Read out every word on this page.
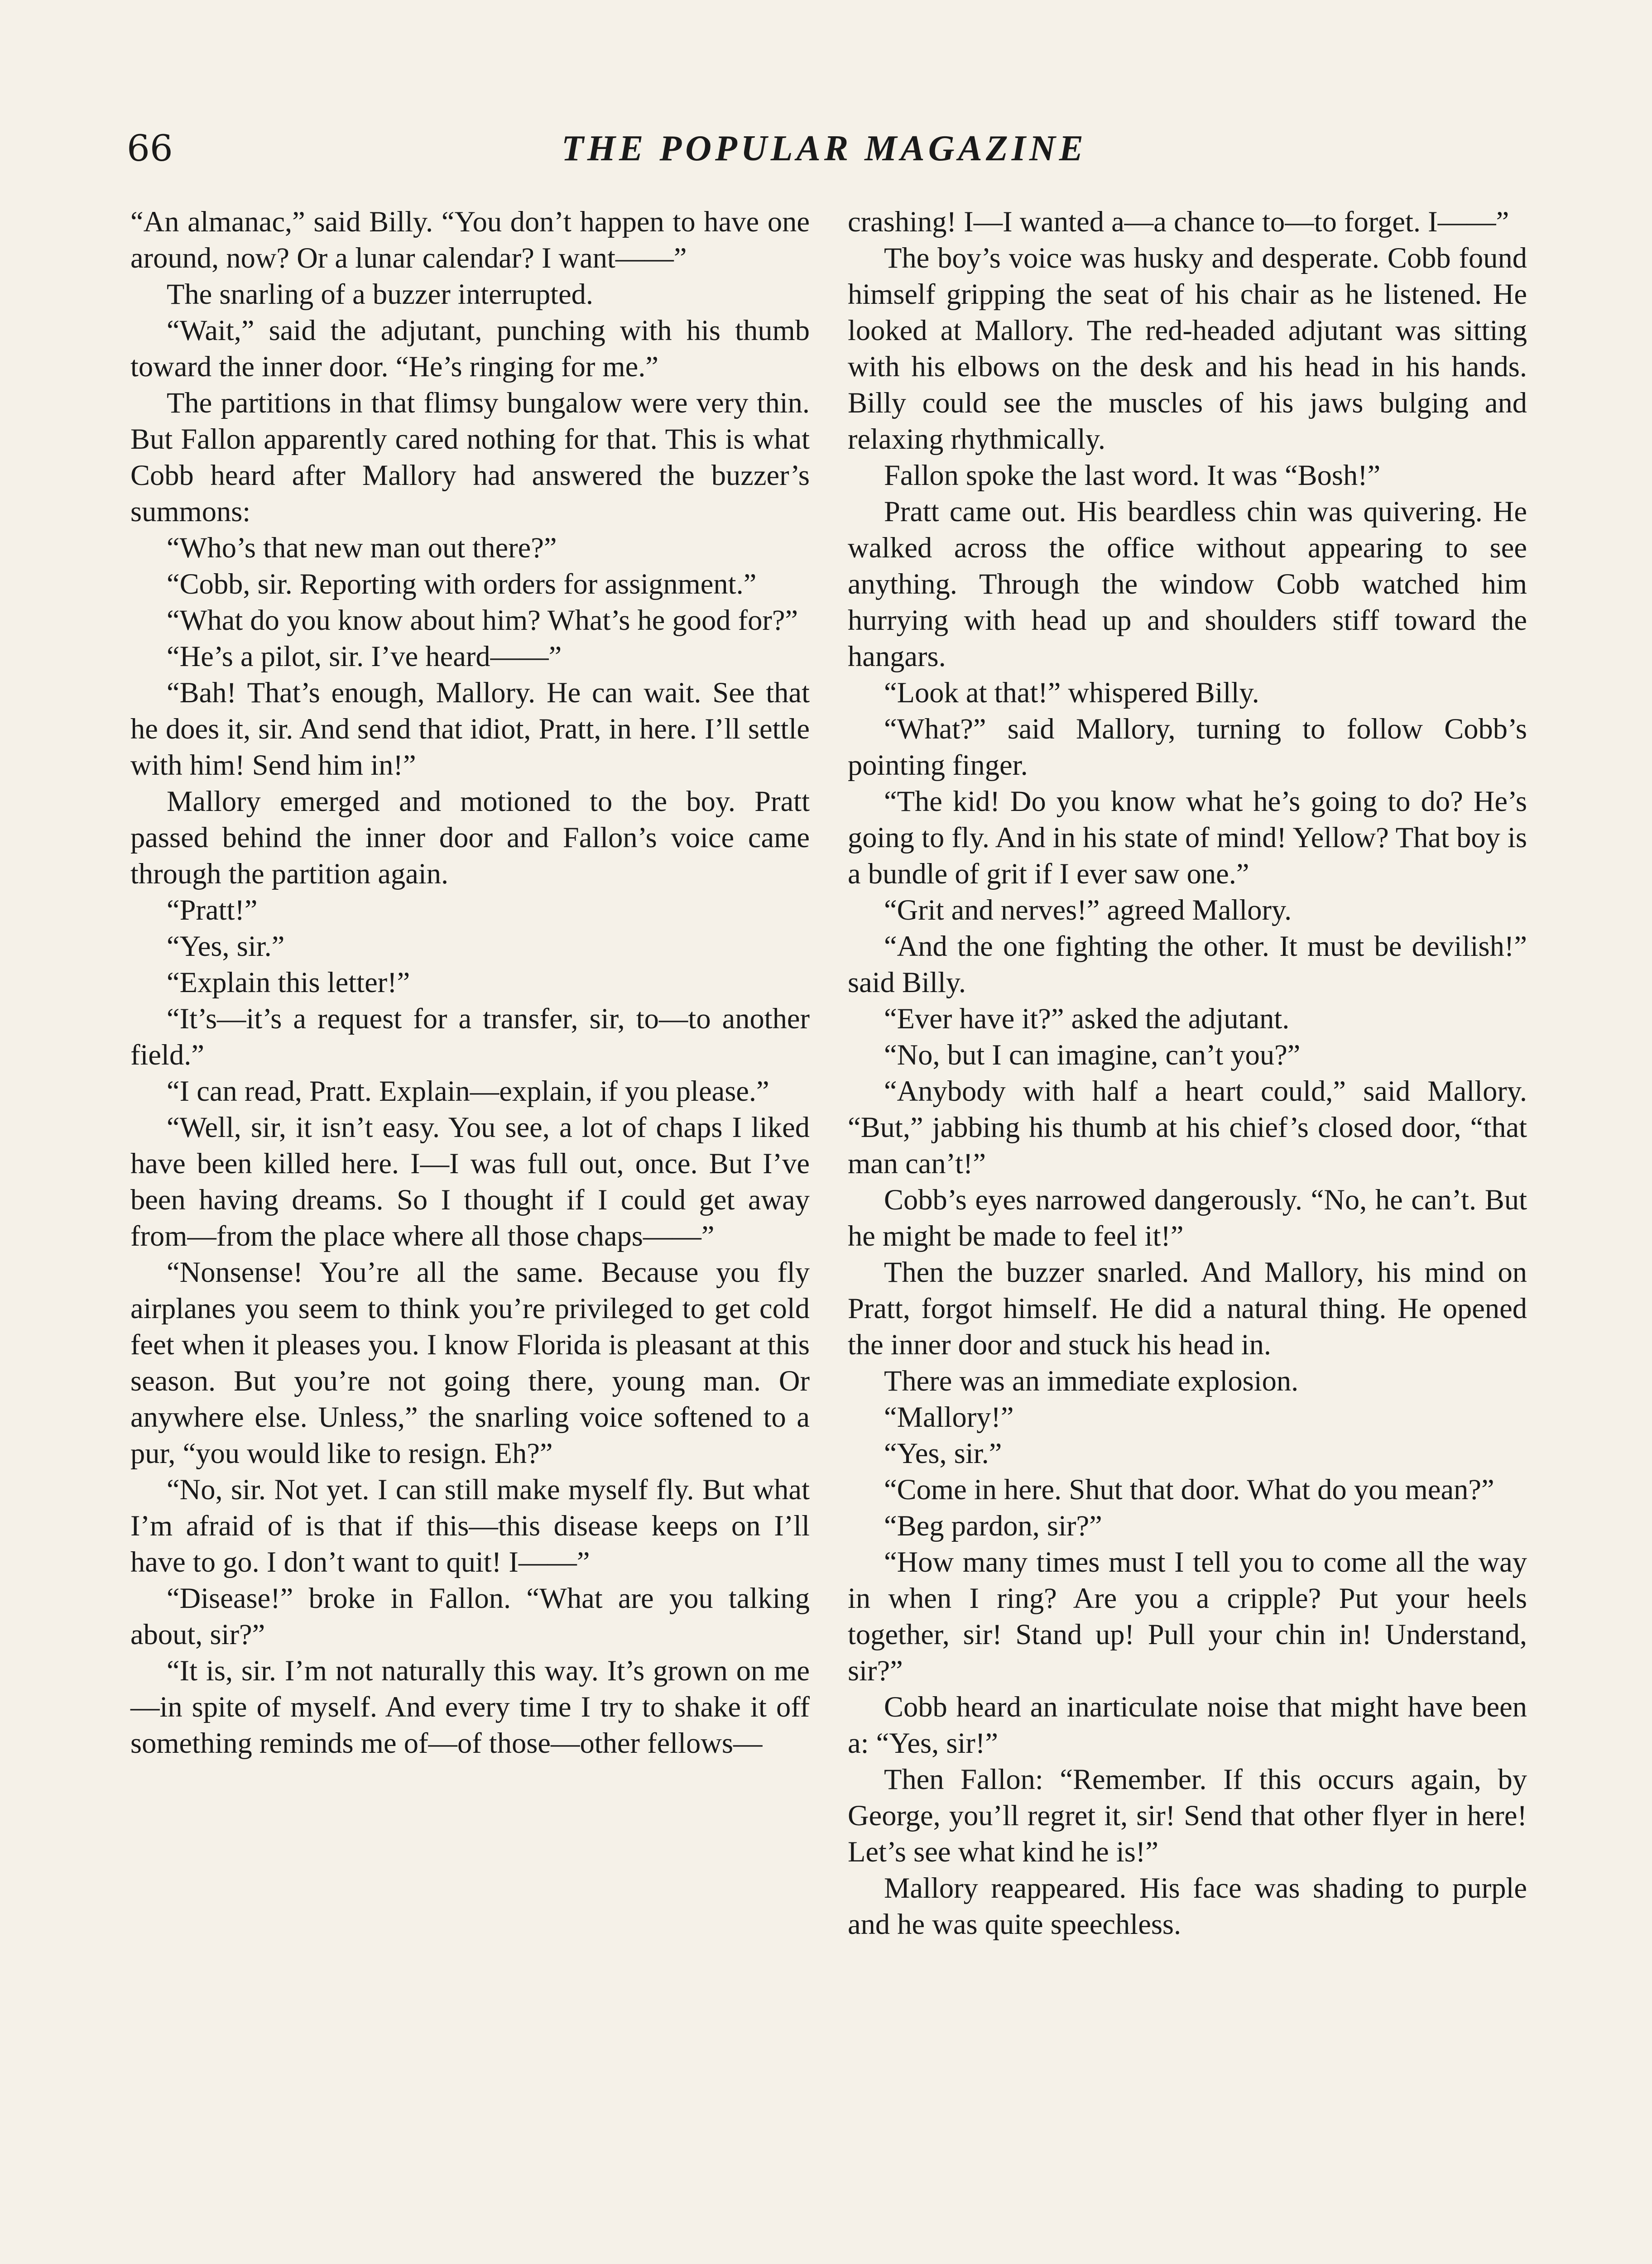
66	THE POPULAR MAGAZINE

“An almanac,” said Billy. “You don’t happen to have one around, now? Or a lunar calendar? I want——”

The snarling of a buzzer interrupted.

“Wait,” said the adjutant, punching with his thumb toward the inner door. “He’s ringing for me.”

The partitions in that flimsy bungalow were very thin. But Fallon apparently cared nothing for that. This is what Cobb heard after Mallory had answered the buzzer’s summons:

“Who’s that new man out there?”

“Cobb, sir. Reporting with orders for assignment.”

“What do you know about him? What’s he good for?”

“He’s a pilot, sir. I’ve heard——”

“Bah! That’s enough, Mallory. He can wait. See that he does it, sir. And send that idiot, Pratt, in here. I’ll settle with him! Send him in!”

Mallory emerged and motioned to the boy. Pratt passed behind the inner door and Fallon’s voice came through the partition again.

“Pratt!”

“Yes, sir.”

“Explain this letter!”

“It’s—it’s a request for a transfer, sir, to—to another field.”

“I can read, Pratt. Explain—explain, if you please.”

“Well, sir, it isn’t easy. You see, a lot of chaps I liked have been killed here. I—I was full out, once. But I’ve been having dreams. So I thought if I could get away from—from the place where all those chaps——”

“Nonsense! You’re all the same. Because you fly airplanes you seem to think you’re privileged to get cold feet when it pleases you. I know Florida is pleasant at this season. But you’re not going there, young man. Or anywhere else. Unless,” the snarling voice softened to a pur, “you would like to resign. Eh?”

“No, sir. Not yet. I can still make myself fly. But what I’m afraid of is that if this—this disease keeps on I’ll have to go. I don’t want to quit! I——”

“Disease!” broke in Fallon. “What are you talking about, sir?”

“It is, sir. I’m not naturally this way. It’s grown on me—in spite of myself. And every time I try to shake it off something reminds me of—of those—other fellows—

crashing! I—I wanted a—a chance to—to forget. I——”

The boy’s voice was husky and desperate. Cobb found himself gripping the seat of his chair as he listened. He looked at Mallory. The red-headed adjutant was sitting with his elbows on the desk and his head in his hands. Billy could see the muscles of his jaws bulging and relaxing rhythmically.

Fallon spoke the last word. It was “Bosh!”

Pratt came out. His beardless chin was quivering. He walked across the office without appearing to see anything. Through the window Cobb watched him hurrying with head up and shoulders stiff toward the hangars.

“Look at that!” whispered Billy.

“What?” said Mallory, turning to follow Cobb’s pointing finger.

“The kid! Do you know what he’s going to do? He’s going to fly. And in his state of mind! Yellow? That boy is a bundle of grit if I ever saw one.”

“Grit and nerves!” agreed Mallory.

“And the one fighting the other. It must be devilish!” said Billy.

“Ever have it?” asked the adjutant.

“No, but I can imagine, can’t you?”

“Anybody with half a heart could,” said Mallory. “But,” jabbing his thumb at his chief’s closed door, “that man can’t!”

Cobb’s eyes narrowed dangerously. “No, he can’t. But he might be made to feel it!”

Then the buzzer snarled. And Mallory, his mind on Pratt, forgot himself. He did a natural thing. He opened the inner door and stuck his head in.

There was an immediate explosion.

“Mallory!”

“Yes, sir.”

“Come in here. Shut that door. What do you mean?”

“Beg pardon, sir?”

“How many times must I tell you to come all the way in when I ring? Are you a cripple? Put your heels together, sir! Stand up! Pull your chin in! Understand, sir?”

Cobb heard an inarticulate noise that might have been a: “Yes, sir!”

Then Fallon: “Remember. If this occurs again, by George, you’ll regret it, sir! Send that other flyer in here! Let’s see what kind he is!”

Mallory reappeared. His face was shading to purple and he was quite speechless.
